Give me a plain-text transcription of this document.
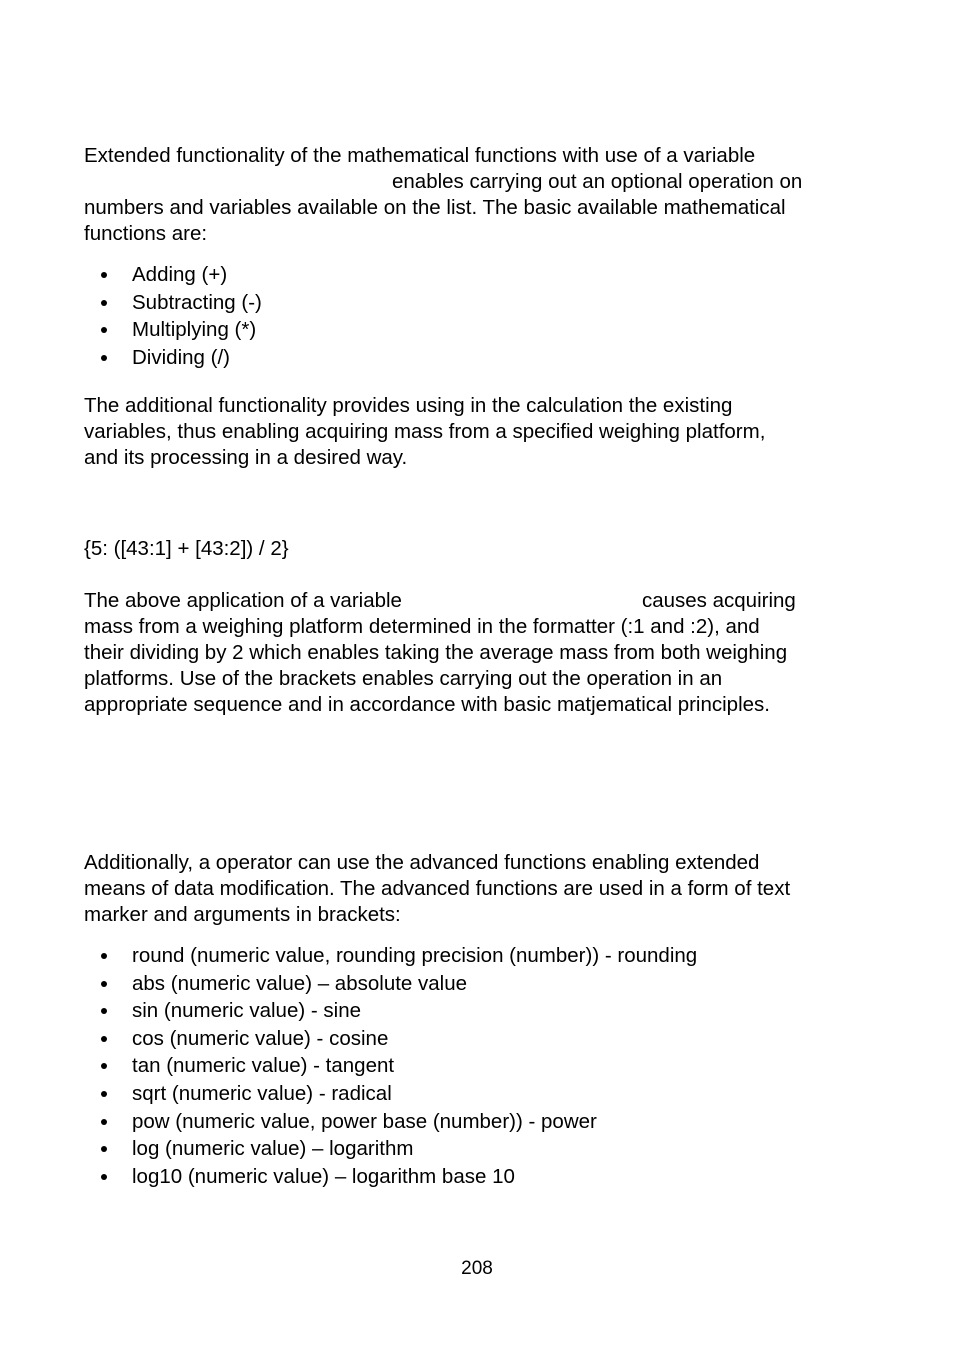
Extended functionality of the mathematical functions with use of a variable
enables carrying out an optional operation on
numbers and variables available on the list. The basic available mathematical
functions are:
Adding (+)
Subtracting (-)
Multiplying (*)
Dividing (/)
The additional functionality provides using in the calculation the existing
variables, thus enabling acquiring mass from a specified weighing platform,
and its processing in a desired way.
{5: ([43:1] + [43:2]) / 2}
The above application of a variable	causes acquiring
mass from a weighing platform determined in the formatter (:1 and :2), and
their dividing by 2 which enables taking the average mass from both weighing
platforms. Use of the brackets enables carrying out the operation in an
appropriate sequence and in accordance with basic matjematical principles.
Additionally, a operator can use the advanced functions enabling extended
means of data modification. The advanced functions are used in a form of text
marker and arguments in brackets:
round (numeric value, rounding precision (number)) - rounding
abs (numeric value) – absolute value
sin (numeric value) - sine
cos (numeric value) - cosine
tan (numeric value) - tangent
sqrt (numeric value) - radical
pow (numeric value, power base (number)) - power
log (numeric value) – logarithm
log10 (numeric value) – logarithm base 10
208
